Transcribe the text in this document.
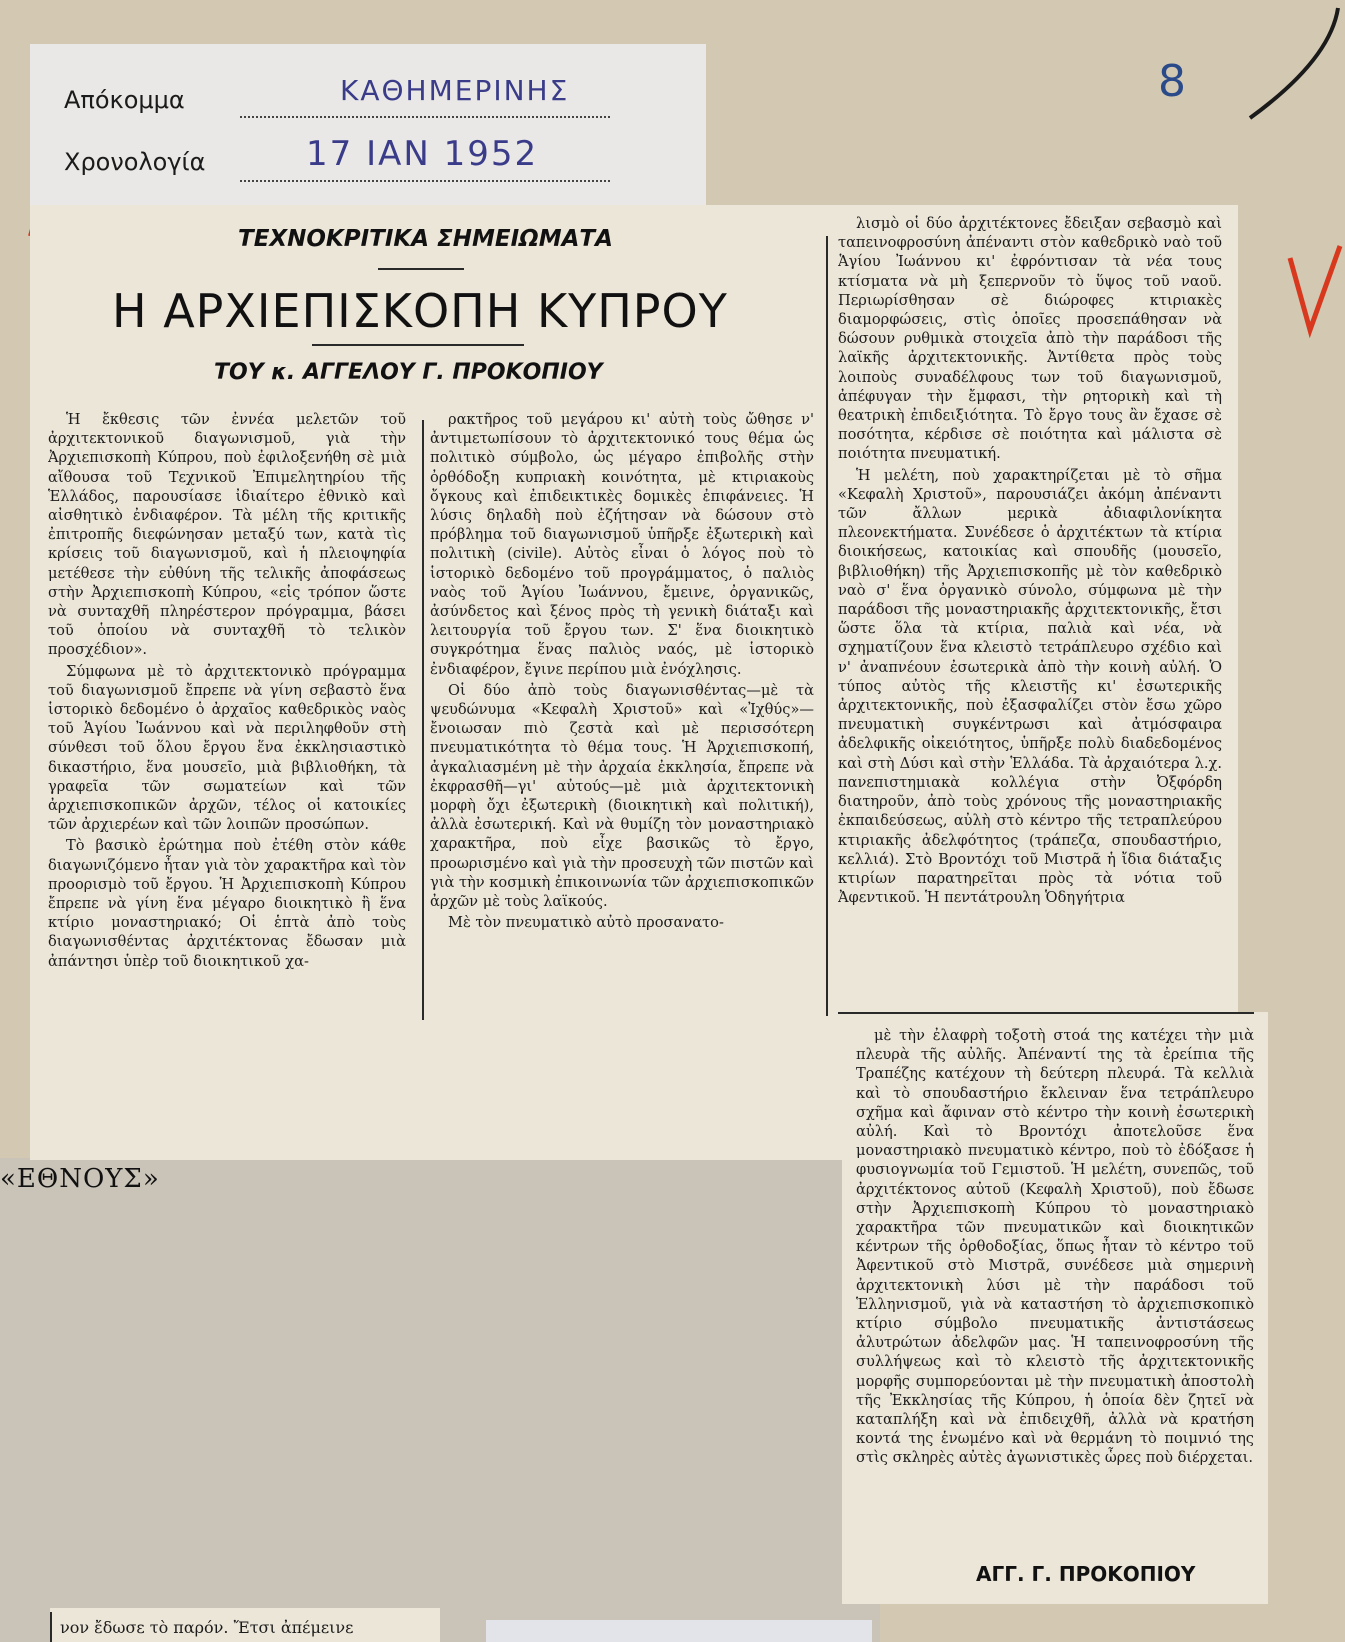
Απόκομμα	ΚΑΘΗΜΕΡΙΝΗΣ
Χρονολογία	17 ΙΑΝ 1952
8
ΤΕΧΝΟΚΡΙΤΙΚΑ ΣΗΜΕΙΩΜΑΤΑ
Η ΑΡΧΙΕΠΙΣΚΟΠΗ ΚΥΠΡΟΥ
ΤΟΥ κ. ΑΓΓΕΛΟΥ Γ. ΠΡΟΚΟΠΙΟΥ

Ἡ ἔκθεσις τῶν ἐννέα μελετῶν τοῦ ἀρχιτεκτονικοῦ διαγωνισμοῦ, γιὰ τὴν Ἀρχιεπισκοπὴ Κύπρου, ποὺ ἐφιλοξενήθη σὲ μιὰ αἴθουσα τοῦ Τεχνικοῦ Ἐπιμελητηρίου τῆς Ἑλλάδος, παρουσίασε ἰδιαίτερο ἐθνικὸ καὶ αἰσθητικὸ ἐνδιαφέρον. Τὰ μέλη τῆς κριτικῆς ἐπιτροπῆς διεφώνησαν μεταξύ των, κατὰ τὶς κρίσεις τοῦ διαγωνισμοῦ, καὶ ἡ πλειοψηφία μετέθεσε τὴν εὐθύνη τῆς τελικῆς ἀποφάσεως στὴν Ἀρχιεπισκοπὴ Κύπρου, «εἰς τρόπον ὥστε νὰ συνταχθῆ πληρέστερον πρόγραμμα, βάσει τοῦ ὁποίου νὰ συνταχθῆ τὸ τελικὸν προσχέδιον».

Σύμφωνα μὲ τὸ ἀρχιτεκτονικὸ πρόγραμμα τοῦ διαγωνισμοῦ ἔπρεπε νὰ γίνη σεβαστὸ ἕνα ἱστορικὸ δεδομένο ὁ ἀρχαῖος καθεδρικὸς ναὸς τοῦ Ἁγίου Ἰωάννου καὶ νὰ περιληφθοῦν στὴ σύνθεσι τοῦ ὅλου ἔργου ἕνα ἐκκλησιαστικὸ δικαστήριο, ἕνα μουσεῖο, μιὰ βιβλιοθήκη, τὰ γραφεῖα τῶν σωματείων καὶ τῶν ἀρχιεπισκοπικῶν ἀρχῶν, τέλος οἱ κατοικίες τῶν ἀρχιερέων καὶ τῶν λοιπῶν προσώπων.

Τὸ βασικὸ ἐρώτημα ποὺ ἐτέθη στὸν κάθε διαγωνιζόμενο ἦταν γιὰ τὸν χαρακτῆρα καὶ τὸν προορισμὸ τοῦ ἔργου. Ἡ Ἀρχιεπισκοπὴ Κύπρου ἔπρεπε νὰ γίνη ἕνα μέγαρο διοικητικὸ ἢ ἕνα κτίριο μοναστηριακό; Οἱ ἑπτὰ ἀπὸ τοὺς διαγωνισθέντας ἀρχιτέκτονας ἔδωσαν μιὰ ἀπάντησι ὑπὲρ τοῦ διοικητικοῦ χα-

ρακτῆρος τοῦ μεγάρου κι' αὐτὴ τοὺς ὤθησε ν' ἀντιμετωπίσουν τὸ ἀρχιτεκτονικό τους θέμα ὡς πολιτικὸ σύμβολο, ὡς μέγαρο ἐπιβολῆς στὴν ὀρθόδοξη κυπριακὴ κοινότητα, μὲ κτιριακοὺς ὄγκους καὶ ἐπιδεικτικὲς δομικὲς ἐπιφάνειες. Ἡ λύσις δηλαδὴ ποὺ ἐζήτησαν νὰ δώσουν στὸ πρόβλημα τοῦ διαγωνισμοῦ ὑπῆρξε ἐξωτερικὴ καὶ πολιτικὴ (civile). Αὐτὸς εἶναι ὁ λόγος ποὺ τὸ ἱστορικὸ δεδομένο τοῦ προγράμματος, ὁ παλιὸς ναὸς τοῦ Ἁγίου Ἰωάννου, ἔμεινε, ὀργανικῶς, ἀσύνδετος καὶ ξένος πρὸς τὴ γενικὴ διάταξι καὶ λειτουργία τοῦ ἔργου των. Σ' ἕνα διοικητικὸ συγκρότημα ἕνας παλιὸς ναός, μὲ ἱστορικὸ ἐνδιαφέρον, ἔγινε περίπου μιὰ ἐνόχλησις.

Οἱ δύο ἀπὸ τοὺς διαγωνισθέντας—μὲ τὰ ψευδώνυμα «Κεφαλὴ Χριστοῦ» καὶ «Ἰχθύς»—ἔνοιωσαν πιὸ ζεστὰ καὶ μὲ περισσότερη πνευματικότητα τὸ θέμα τους. Ἡ Ἀρχιεπισκοπή, ἀγκαλιασμένη μὲ τὴν ἀρχαία ἐκκλησία, ἔπρεπε νὰ ἐκφρασθῆ—γι' αὐτούς—μὲ μιὰ ἀρχιτεκτονικὴ μορφὴ ὄχι ἐξωτερικὴ (διοικητικὴ καὶ πολιτική), ἀλλὰ ἐσωτερική. Καὶ νὰ θυμίζη τὸν μοναστηριακὸ χαρακτῆρα, ποὺ εἶχε βασικῶς τὸ ἔργο, προωρισμένο καὶ γιὰ τὴν προσευχὴ τῶν πιστῶν καὶ γιὰ τὴν κοσμικὴ ἐπικοινωνία τῶν ἀρχιεπισκοπικῶν ἀρχῶν μὲ τοὺς λαϊκούς.

Μὲ τὸν πνευματικὸ αὐτὸ προσανατο-

λισμὸ οἱ δύο ἀρχιτέκτονες ἔδειξαν σεβασμὸ καὶ ταπεινοφροσύνη ἀπέναντι στὸν καθεδρικὸ ναὸ τοῦ Ἁγίου Ἰωάννου κι' ἐφρόντισαν τὰ νέα τους κτίσματα νὰ μὴ ξεπερνοῦν τὸ ὕψος τοῦ ναοῦ. Περιωρίσθησαν σὲ διώροφες κτιριακὲς διαμορφώσεις, στὶς ὁποῖες προσεπάθησαν νὰ δώσουν ρυθμικὰ στοιχεῖα ἀπὸ τὴν παράδοσι τῆς λαϊκῆς ἀρχιτεκτονικῆς. Ἀντίθετα πρὸς τοὺς λοιποὺς συναδέλφους των τοῦ διαγωνισμοῦ, ἀπέφυγαν τὴν ἔμφασι, τὴν ρητορικὴ καὶ τὴ θεατρικὴ ἐπιδειξιότητα. Τὸ ἔργο τους ἂν ἔχασε σὲ ποσότητα, κέρδισε σὲ ποιότητα καὶ μάλιστα σὲ ποιότητα πνευματική.

Ἡ μελέτη, ποὺ χαρακτηρίζεται μὲ τὸ σῆμα «Κεφαλὴ Χριστοῦ», παρουσιάζει ἀκόμη ἀπέναντι τῶν ἄλλων μερικὰ ἀδιαφιλονίκητα πλεονεκτήματα. Συνέδεσε ὁ ἀρχιτέκτων τὰ κτίρια διοικήσεως, κατοικίας καὶ σπουδῆς (μουσεῖο, βιβλιοθήκη) τῆς Ἀρχιεπισκοπῆς μὲ τὸν καθεδρικὸ ναὸ σ' ἕνα ὀργανικὸ σύνολο, σύμφωνα μὲ τὴν παράδοσι τῆς μοναστηριακῆς ἀρχιτεκτονικῆς, ἔτσι ὥστε ὅλα τὰ κτίρια, παλιὰ καὶ νέα, νὰ σχηματίζουν ἕνα κλειστὸ τετράπλευρο σχέδιο καὶ ν' ἀναπνέουν ἐσωτερικὰ ἀπὸ τὴν κοινὴ αὐλή. Ὁ τύπος αὐτὸς τῆς κλειστῆς κι' ἐσωτερικῆς ἀρχιτεκτονικῆς, ποὺ ἐξασφαλίζει στὸν ἔσω χῶρο πνευματικὴ συγκέντρωσι καὶ ἀτμόσφαιρα ἀδελφικῆς οἰκειότητος, ὑπῆρξε πολὺ διαδεδομένος καὶ στὴ Δύσι καὶ στὴν Ἑλλάδα. Τὰ ἀρχαιότερα λ.χ. πανεπιστημιακὰ κολλέγια στὴν Ὀξφόρδη διατηροῦν, ἀπὸ τοὺς χρόνους τῆς μοναστηριακῆς ἐκπαιδεύσεως, αὐλὴ στὸ κέντρο τῆς τετραπλεύρου κτιριακῆς ἀδελφότητος (τράπεζα, σπουδαστήριο, κελλιά). Στὸ Βροντόχι τοῦ Μιστρᾶ ἡ ἴδια διάταξις κτιρίων παρατηρεῖται πρὸς τὰ νότια τοῦ Ἀφεντικοῦ. Ἡ πεντάτρουλη Ὁδηγήτρια

μὲ τὴν ἐλαφρὴ τοξοτὴ στοά της κατέχει τὴν μιὰ πλευρὰ τῆς αὐλῆς. Ἀπέναντί της τὰ ἐρείπια τῆς Τραπέζης κατέχουν τὴ δεύτερη πλευρά. Τὰ κελλιὰ καὶ τὸ σπουδαστήριο ἔκλειναν ἕνα τετράπλευρο σχῆμα καὶ ἄφιναν στὸ κέντρο τὴν κοινὴ ἐσωτερικὴ αὐλή. Καὶ τὸ Βροντόχι ἀποτελοῦσε ἕνα μοναστηριακὸ πνευματικὸ κέντρο, ποὺ τὸ ἐδόξασε ἡ φυσιογνωμία τοῦ Γεμιστοῦ. Ἡ μελέτη, συνεπῶς, τοῦ ἀρχιτέκτονος αὐτοῦ (Κεφαλὴ Χριστοῦ), ποὺ ἔδωσε στὴν Ἀρχιεπισκοπὴ Κύπρου τὸ μοναστηριακὸ χαρακτῆρα τῶν πνευματικῶν καὶ διοικητικῶν κέντρων τῆς ὀρθοδοξίας, ὅπως ἦταν τὸ κέντρο τοῦ Ἀφεντικοῦ στὸ Μιστρᾶ, συνέδεσε μιὰ σημερινὴ ἀρχιτεκτονικὴ λύσι μὲ τὴν παράδοσι τοῦ Ἑλληνισμοῦ, γιὰ νὰ καταστήση τὸ ἀρχιεπισκοπικὸ κτίριο σύμβολο πνευματικῆς ἀντιστάσεως ἀλυτρώτων ἀδελφῶν μας. Ἡ ταπεινοφροσύνη τῆς συλλήψεως καὶ τὸ κλειστὸ τῆς ἀρχιτεκτονικῆς μορφῆς συμπορεύονται μὲ τὴν πνευματικὴ ἀποστολὴ τῆς Ἐκκλησίας τῆς Κύπρου, ἡ ὁποία δὲν ζητεῖ νὰ καταπλήξη καὶ νὰ ἐπιδειχθῆ, ἀλλὰ νὰ κρατήση κοντά της ἑνωμένο καὶ νὰ θερμάνη τὸ ποιμνιό της στὶς σκληρὲς αὐτὲς ἀγωνιστικὲς ὧρες ποὺ διέρχεται.

ΑΓΓ. Γ. ΠΡΟΚΟΠΙΟΥ
«ΕΘΝΟΥΣ»
νον ἔδωσε τὸ παρόν. Ἔτσι ἀπέμεινε
